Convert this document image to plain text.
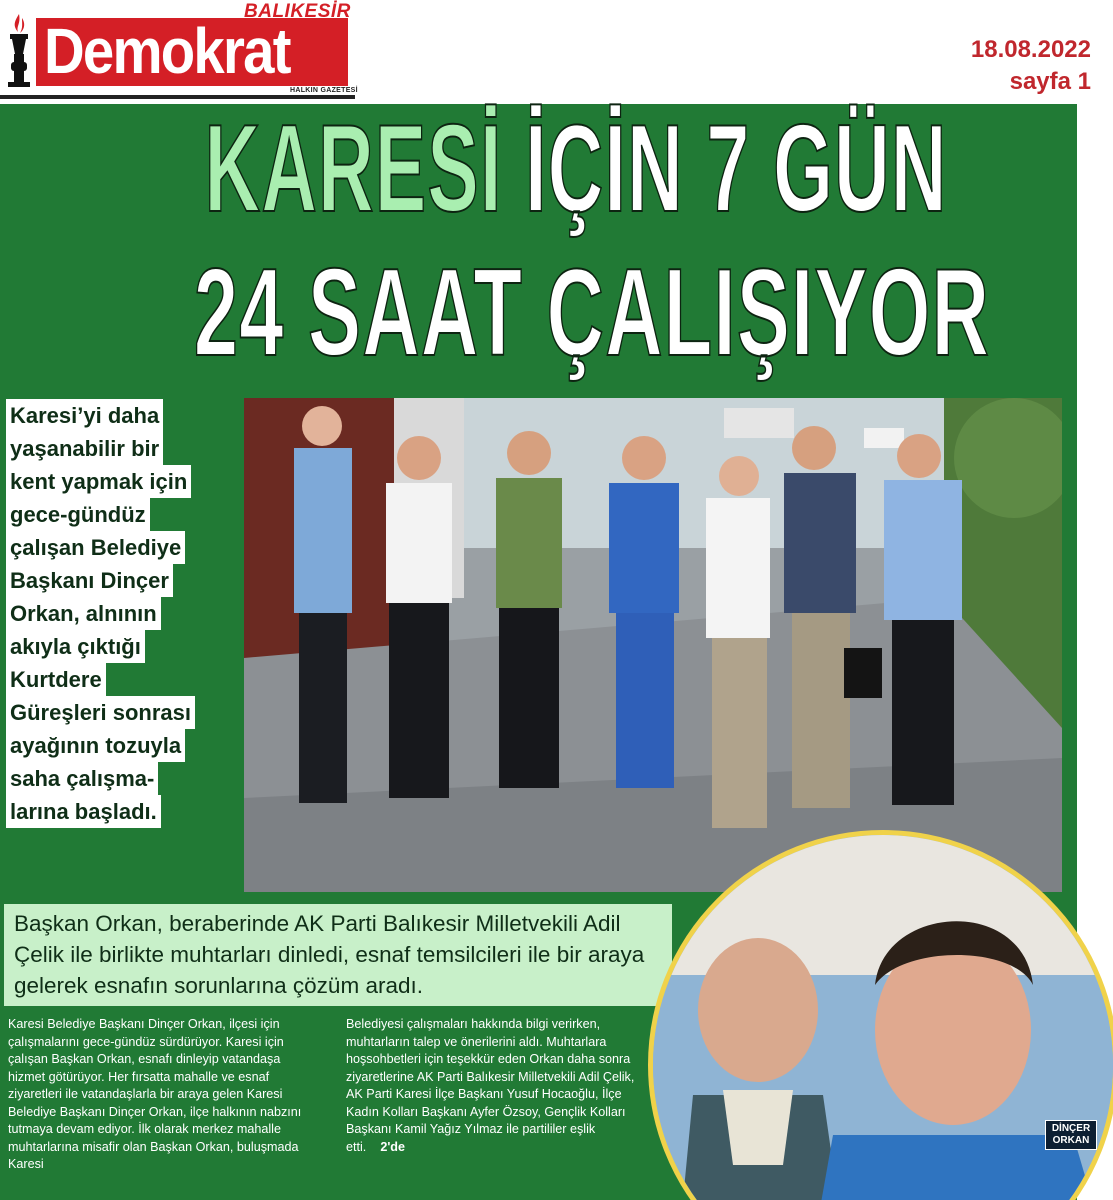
Demokrat
BALIKESİR
HALKIN GAZETESİ
18.08.2022
sayfa 1
KARESİ İÇİN 7 GÜN
24 SAAT ÇALIŞIYOR
Karesi’yi daha
yaşanabilir bir
kent yapmak için
gece-gündüz
çalışan Belediye
Başkanı Dinçer
Orkan, alnının
akıyla çıktığı
Kurtdere
Güreşleri sonrası
ayağının tozuyla
saha çalışma-
larına başladı.

Başkan Orkan, beraberinde AK Parti Balıkesir Milletvekili Adil Çelik ile birlikte muhtarları dinledi, esnaf temsilcileri ile bir araya gelerek esnafın sorunlarına çözüm aradı.

Karesi Belediye Başkanı Dinçer Orkan, ilçesi için çalışmalarını gece-gündüz sürdürüyor. Karesi için çalışan Başkan Orkan, esnafı dinleyip vatandaşa hizmet götürüyor. Her fırsatta mahalle ve esnaf ziyaretleri ile vatandaşlarla bir araya gelen Karesi Belediye Başkanı Dinçer Orkan, ilçe halkının nabzını tutmaya devam ediyor. İlk olarak merkez mahalle muhtarlarına misafir olan Başkan Orkan, buluşmada Karesi

Belediyesi çalışmaları hakkında bilgi verirken, muhtarların talep ve önerilerini aldı. Muhtarlara hoşsohbetleri için teşekkür eden Orkan daha sonra ziyaretlerine AK Parti Balıkesir Milletvekili Adil Çelik, AK Parti Karesi İlçe Başkanı Yusuf Hocaoğlu, İlçe Kadın Kolları Başkanı Ayfer Özsoy, Gençlik Kolları Başkanı Kamil Yağız Yılmaz ile partililer eşlik etti. 2'de

DİNÇER
ORKAN
